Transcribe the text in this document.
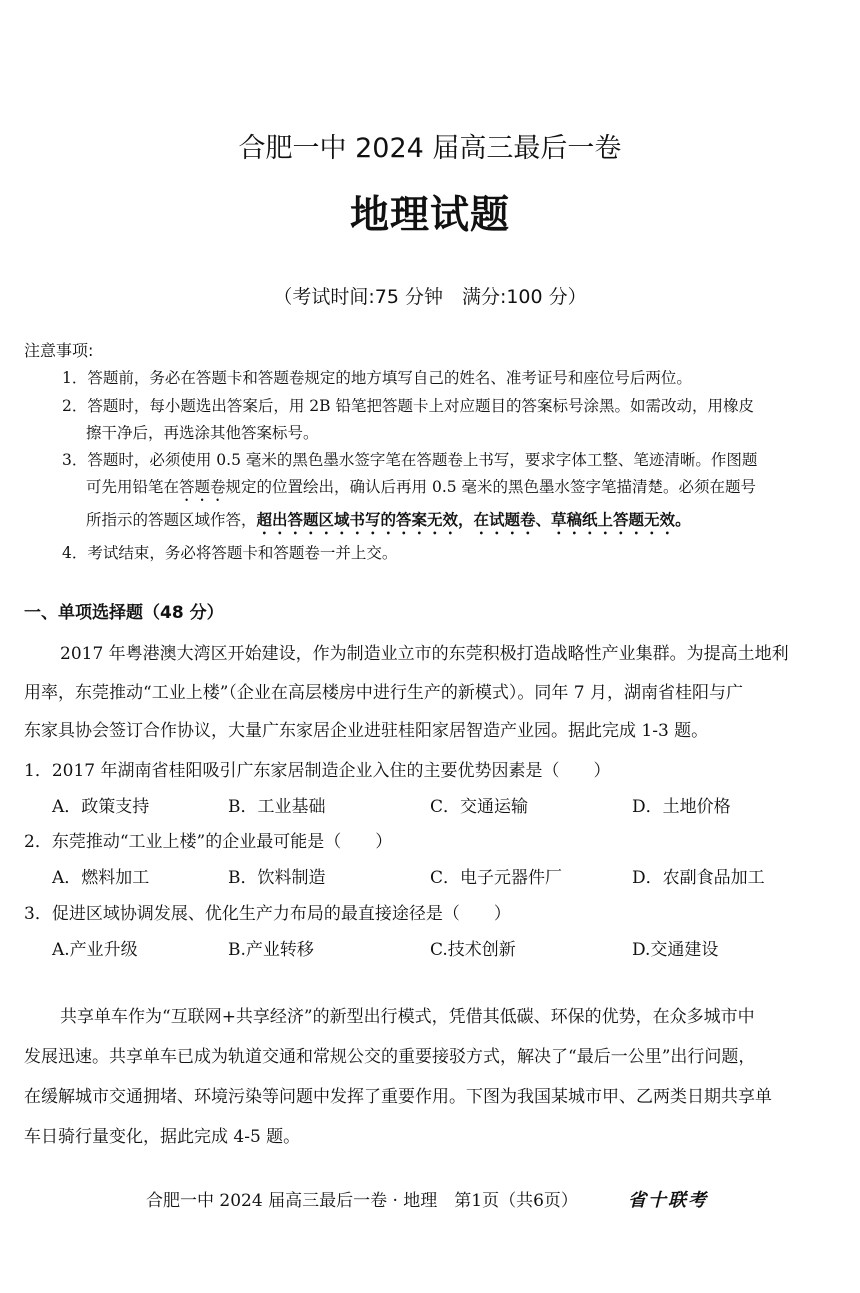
合肥一中 2024 届高三最后一卷
地理试题
（考试时间:75 分钟　满分:100 分）
注意事项:
1．答题前，务必在答题卡和答题卷规定的地方填写自己的姓名、准考证号和座位号后两位。
2．答题时，每小题选出答案后，用 2B 铅笔把答题卡上对应题目的答案标号涂黑。如需改动，用橡皮
擦干净后，再选涂其他答案标号。
3．答题时，必须使用 0.5 毫米的黑色墨水签字笔在答题卷上书写，要求字体工整、笔迹清晰。作图题
可先用铅笔在答题卷规定的位置绘出，确认后再用 0.5 毫米的黑色墨水签字笔描清楚。必须在题号
所指示的答题区域作答，超出答题区域书写的答案无效，在试题卷、草稿纸上答题无效。
4．考试结束，务必将答题卡和答题卷一并上交。
一、单项选择题（48 分）
2017 年粤港澳大湾区开始建设，作为制造业立市的东莞积极打造战略性产业集群。为提高土地利
用率，东莞推动“工业上楼”（企业在高层楼房中进行生产的新模式）。同年 7 月，湖南省桂阳与广
东家具协会签订合作协议，大量广东家居企业进驻桂阳家居智造产业园。据此完成 1-3 题。
1．2017 年湖南省桂阳吸引广东家居制造企业入住的主要优势因素是（　　）
A．政策支持	B．工业基础	C．交通运输	D．土地价格
2．东莞推动“工业上楼”的企业最可能是（　　）
A．燃料加工	B．饮料制造	C．电子元器件厂	D．农副食品加工
3．促进区域协调发展、优化生产力布局的最直接途径是（　　）
A.产业升级	B.产业转移	C.技术创新	D.交通建设
共享单车作为“互联网+共享经济”的新型出行模式，凭借其低碳、环保的优势，在众多城市中
发展迅速。共享单车已成为轨道交通和常规公交的重要接驳方式，解决了“最后一公里”出行问题，
在缓解城市交通拥堵、环境污染等问题中发挥了重要作用。下图为我国某城市甲、乙两类日期共享单
车日骑行量变化，据此完成 4-5 题。
合肥一中 2024 届高三最后一卷 · 地理　第1页（共6页）	省十联考
